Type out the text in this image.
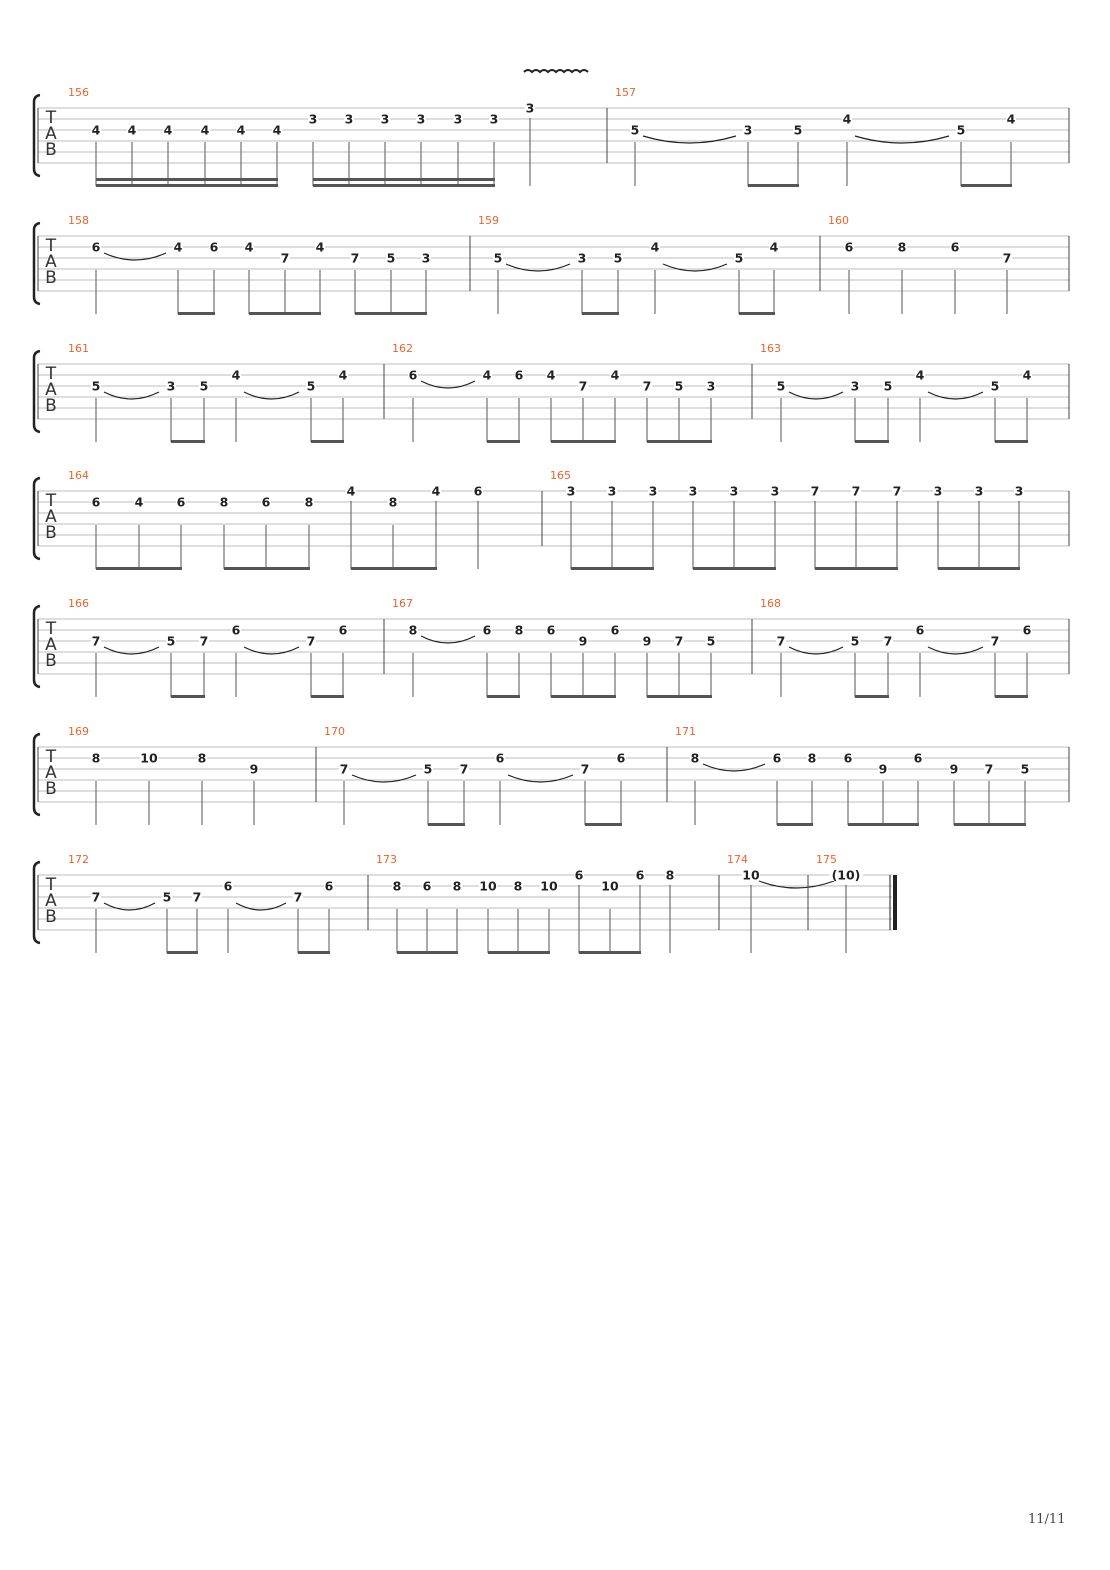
T
A
B
156
4 4 4 4 4 4
3 3 3 3 3 3
3
157
5	3	5
4
5
4
T
A
B
158
6	4 6 4
7
4
7 5 3
159
5	3 5
4
5
4
160
6	8	6
7
T
A
B
161
5	3 5
4
5
4
162
6	4 6 4
7
4
7 5 3
163
5	3 5
4
5
4
T
A
B
164
6	4	6	8	6	8
4
8
4	6
165
3	3	3	3	3	3	7	7	7	3	3	3
T
A
B
166
7	5 7
6
7
6
167
8	6 8 6
9
6
9 7 5
168
7	5 7
6
7
6
T
A
B
169
8	10	8
9
170
7	5 7
6
7
6
171
8	6 8 6
9
6
9 7 5
T
A
B
172
7	5 7
6
7
6
173
8 6 8 10 8 10
6
10
6 8
174
10
175
(10)
11/11
